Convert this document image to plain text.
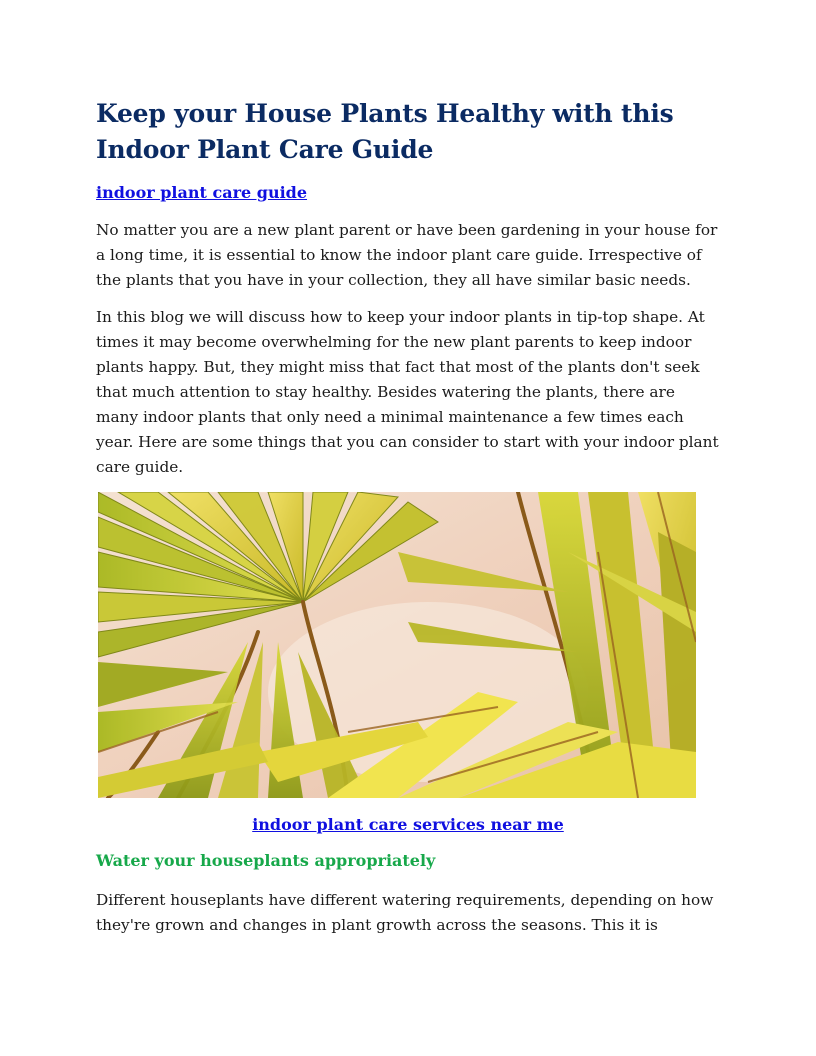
Keep your House Plants Healthy with this Indoor Plant Care Guide
indoor plant care guide

No matter you are a new plant parent or have been gardening in your house for a long time, it is essential to know the indoor plant care guide. Irrespective of the plants that you have in your collection, they all have similar basic needs.

In this blog we will discuss how to keep your indoor plants in tip-top shape. At times it may become overwhelming for the new plant parents to keep indoor plants happy. But, they might miss that fact that most of the plants don't seek that much attention to stay healthy. Besides watering the plants, there are many indoor plants that only need a minimal maintenance a few times each year. Here are some things that you can consider to start with your indoor plant care guide.

indoor plant care services near me
Water your houseplants appropriately

Different houseplants have different watering requirements, depending on how they're grown and changes in plant growth across the seasons. This it is
